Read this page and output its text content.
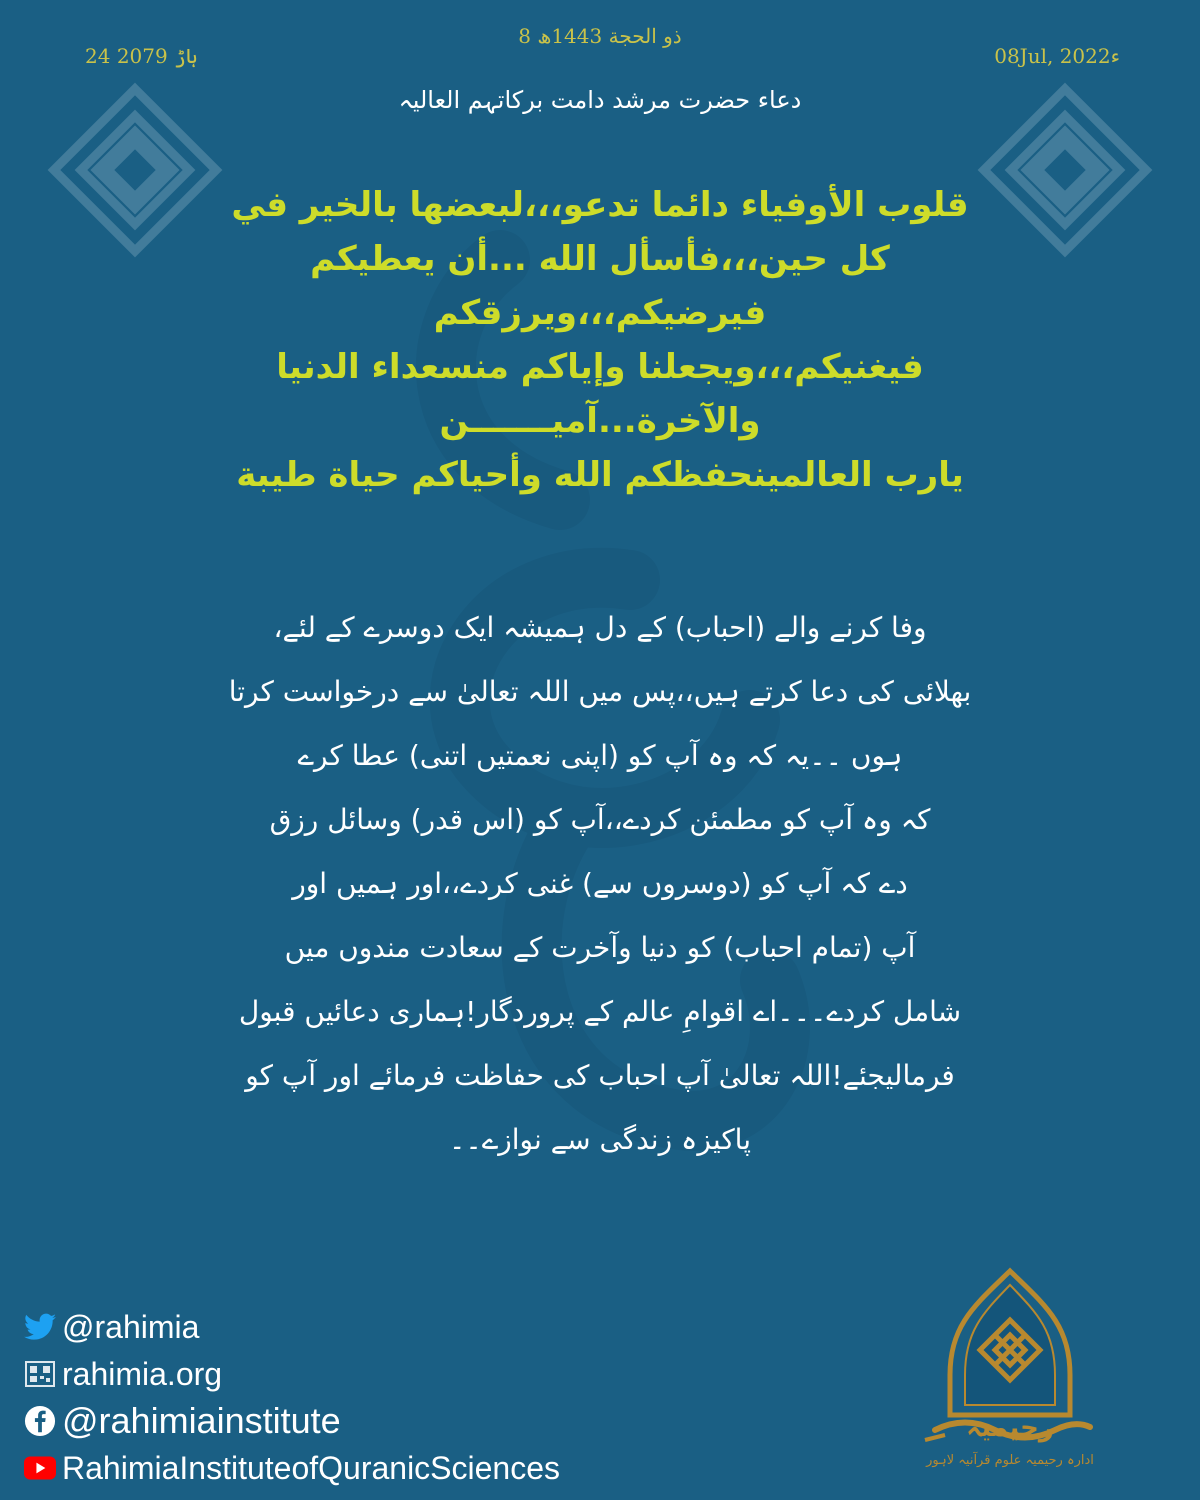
24 ہاڑ 2079
8 ذو الحجة 1443ھ
08Jul, 2022ء
دعاء حضرت مرشد دامت برکاتہم العالیہ
قلوب الأوفياء دائما تدعو،،،لبعضها بالخير في
كل حين،،،فأسأل الله ...أن يعطيكم فيرضيكم،،،ويرزقكم
فيغنيكم،،،ويجعلنا وإياكم منسعداء الدنيا والآخرة...آميـــــــن
يارب العالمينحفظكم الله وأحياكم حياة طيبة
وفا کرنے والے (احباب) کے دل ہمیشہ ایک دوسرے کے لئے،
بھلائی کی دعا کرتے ہیں،،پس میں اللہ تعالیٰ سے درخواست کرتا
ہوں ۔۔یہ کہ وہ آپ کو (اپنی نعمتیں اتنی) عطا کرے
کہ وہ آپ کو مطمئن کردے،،آپ کو (اس قدر) وسائل رزق
دے کہ آپ کو (دوسروں سے) غنی کردے،،اور ہمیں اور
آپ (تمام احباب) کو دنیا وآخرت کے سعادت مندوں میں
شامل کردے۔۔۔اے اقوامِ عالم کے پروردگار!ہماری دعائیں قبول
فرمالیجئے!اللہ تعالیٰ آپ احباب کی حفاظت فرمائے اور آپ کو
پاکیزہ زندگی سے نوازے۔۔
@rahimia
rahimia.org
@rahimiainstitute
RahimiaInstituteofQuranicSciences
رحیمیہ
ادارہ رحیمیہ علوم قرآنیہ لاہور
